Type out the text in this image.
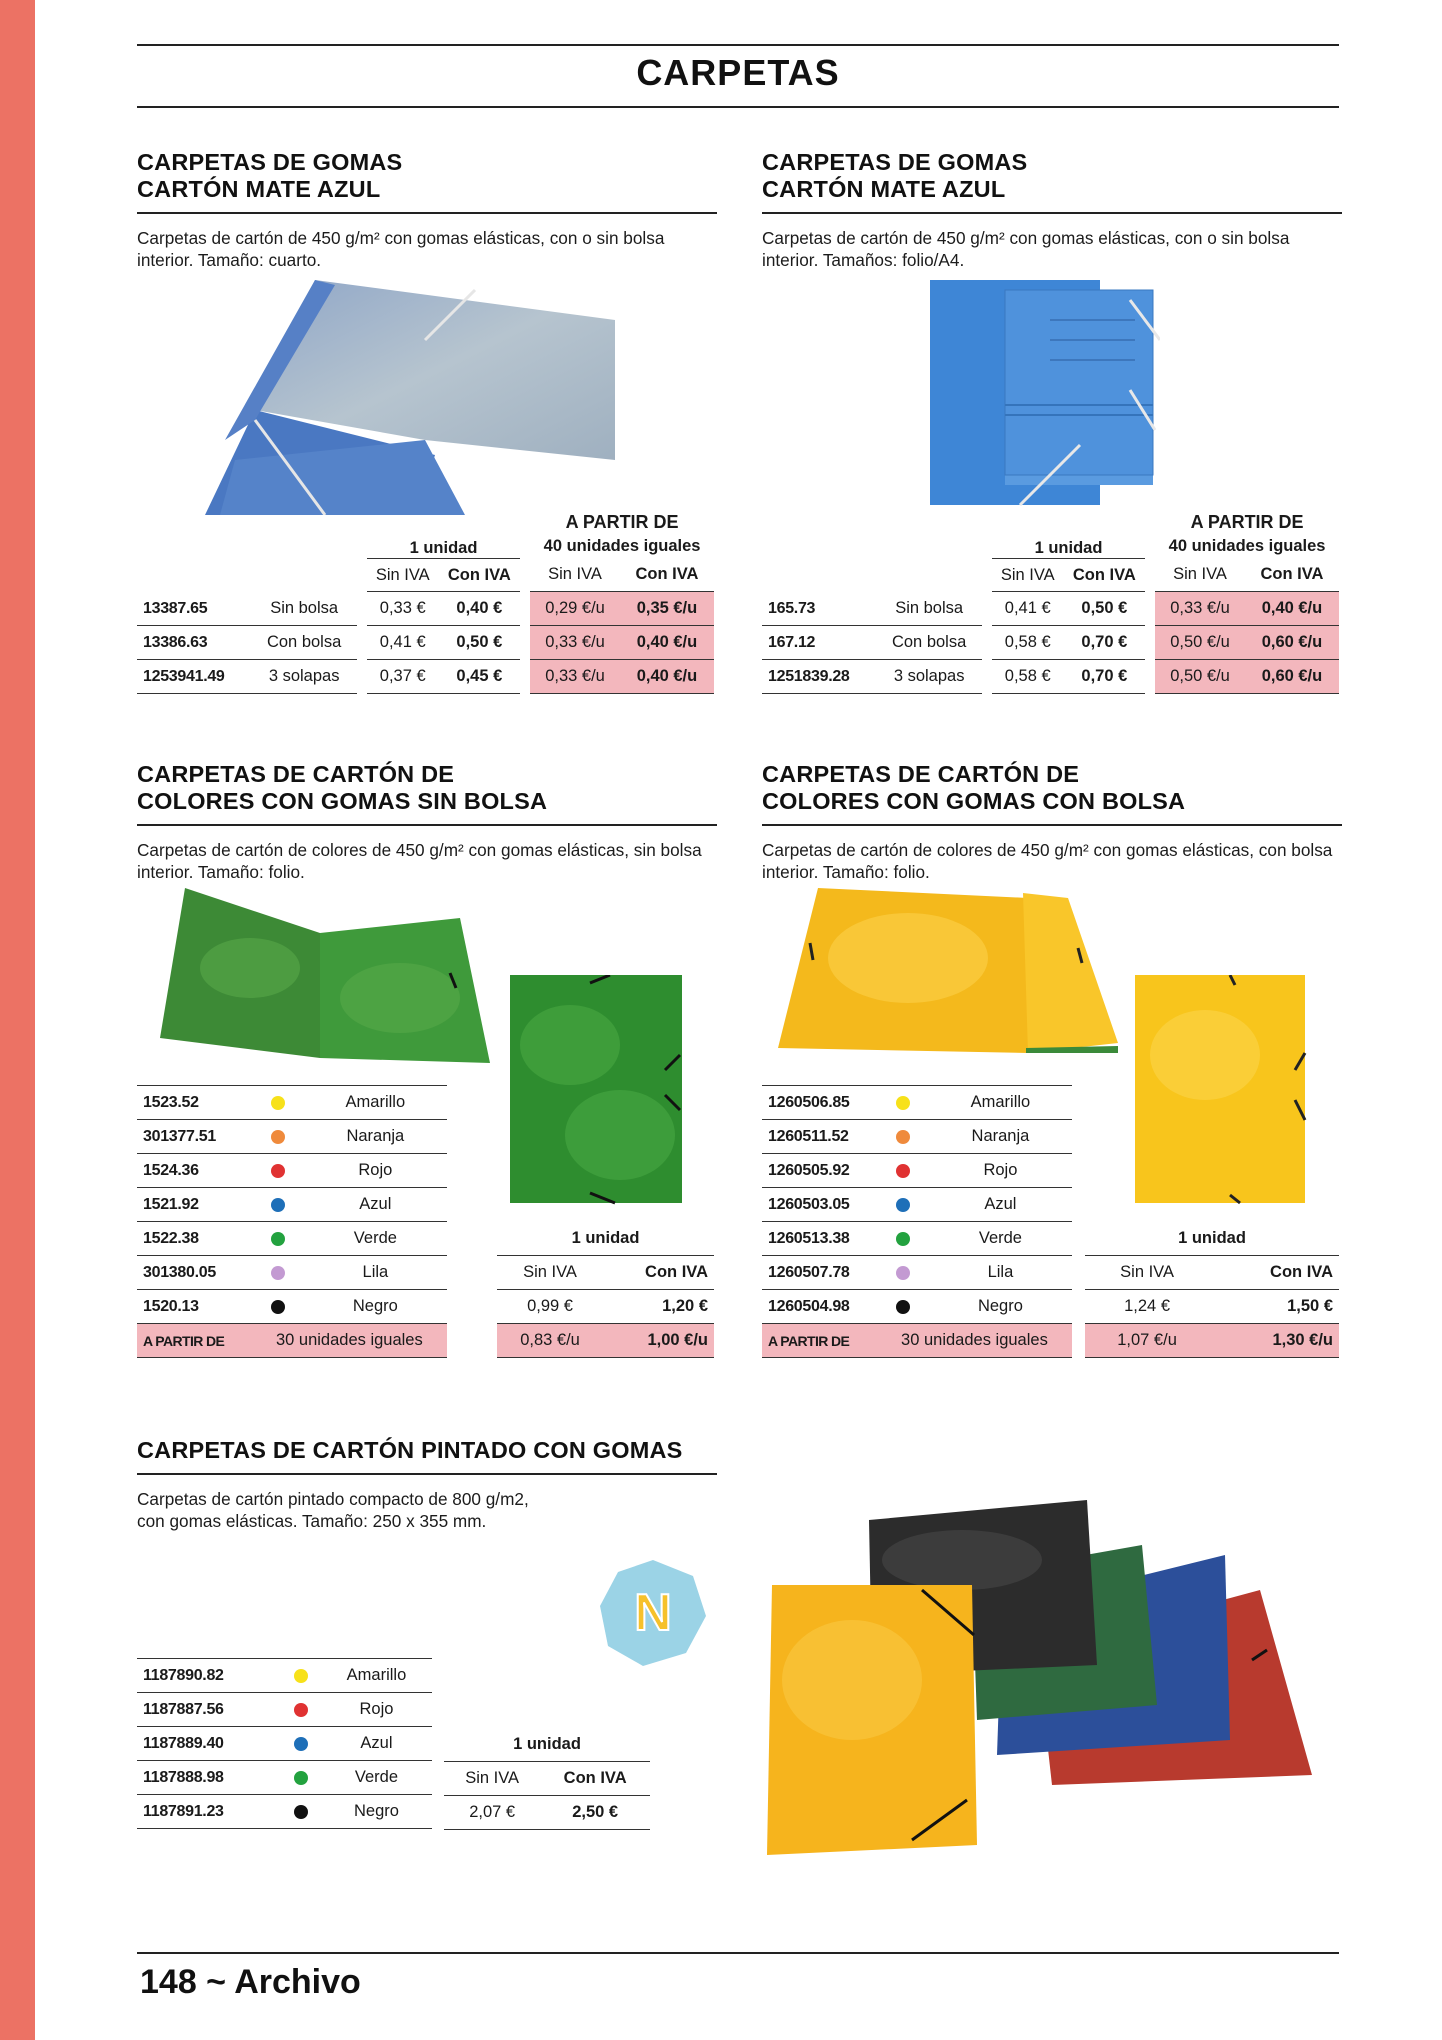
CARPETAS
CARPETAS DE GOMAS
CARTÓN MATE AZUL
Carpetas de cartón de 450 g/m² con gomas elásticas, con o sin bolsa interior. Tamaño: cuarto.
			1 unidad			A PARTIR DE
40 unidades iguales	

			Sin IVA	Con IVA		Sin IVA	Con IVA
13387.65	Sin bolsa		0,33 €	0,40 €		0,29 €/u	0,35 €/u
13386.63	Con bolsa		0,41 €	0,50 €		0,33 €/u	0,40 €/u
1253941.49	3 solapas		0,37 €	0,45 €		0,33 €/u	0,40 €/u
CARPETAS DE GOMAS
CARTÓN MATE AZUL
Carpetas de cartón de 450 g/m² con gomas elásticas, con o sin bolsa interior. Tamaños: folio/A4.
			1 unidad			A PARTIR DE
40 unidades iguales	

			Sin IVA	Con IVA		Sin IVA	Con IVA
165.73	Sin bolsa		0,41 €	0,50 €		0,33 €/u	0,40 €/u
167.12	Con bolsa		0,58 €	0,70 €		0,50 €/u	0,60 €/u
1251839.28	3 solapas		0,58 €	0,70 €		0,50 €/u	0,60 €/u
CARPETAS DE CARTÓN DE
COLORES CON GOMAS SIN BOLSA
Carpetas de cartón de colores de 450 g/m² con gomas elásticas, sin bolsa interior. Tamaño: folio.

1523.52		Amarillo
301377.51		Naranja
1524.36		Rojo
1521.92		Azul
1522.38		Verde
301380.05		Lila
1520.13		Negro
A PARTIR DE	30 unidades iguales	
1 unidad	
Sin IVA	Con IVA
0,99 €	1,20 €
0,83 €/u	1,00 €/u
CARPETAS DE CARTÓN DE
COLORES CON GOMAS CON BOLSA
Carpetas de cartón de colores de 450 g/m² con gomas elásticas, con bolsa interior. Tamaño: folio.

1260506.85		Amarillo
1260511.52		Naranja
1260505.92		Rojo
1260503.05		Azul
1260513.38		Verde
1260507.78		Lila
1260504.98		Negro
A PARTIR DE	30 unidades iguales	
1 unidad	
Sin IVA	Con IVA
1,24 €	1,50 €
1,07 €/u	1,30 €/u
CARPETAS DE CARTÓN PINTADO CON GOMAS
Carpetas de cartón pintado compacto de 800 g/m2,
con gomas elásticas. Tamaño: 250 x 355 mm.
N

1187890.82		Amarillo
1187887.56		Rojo
1187889.40		Azul
1187888.98		Verde
1187891.23		Negro
1 unidad	
Sin IVA	Con IVA
2,07 €	2,50 €
148 ~ Archivo
